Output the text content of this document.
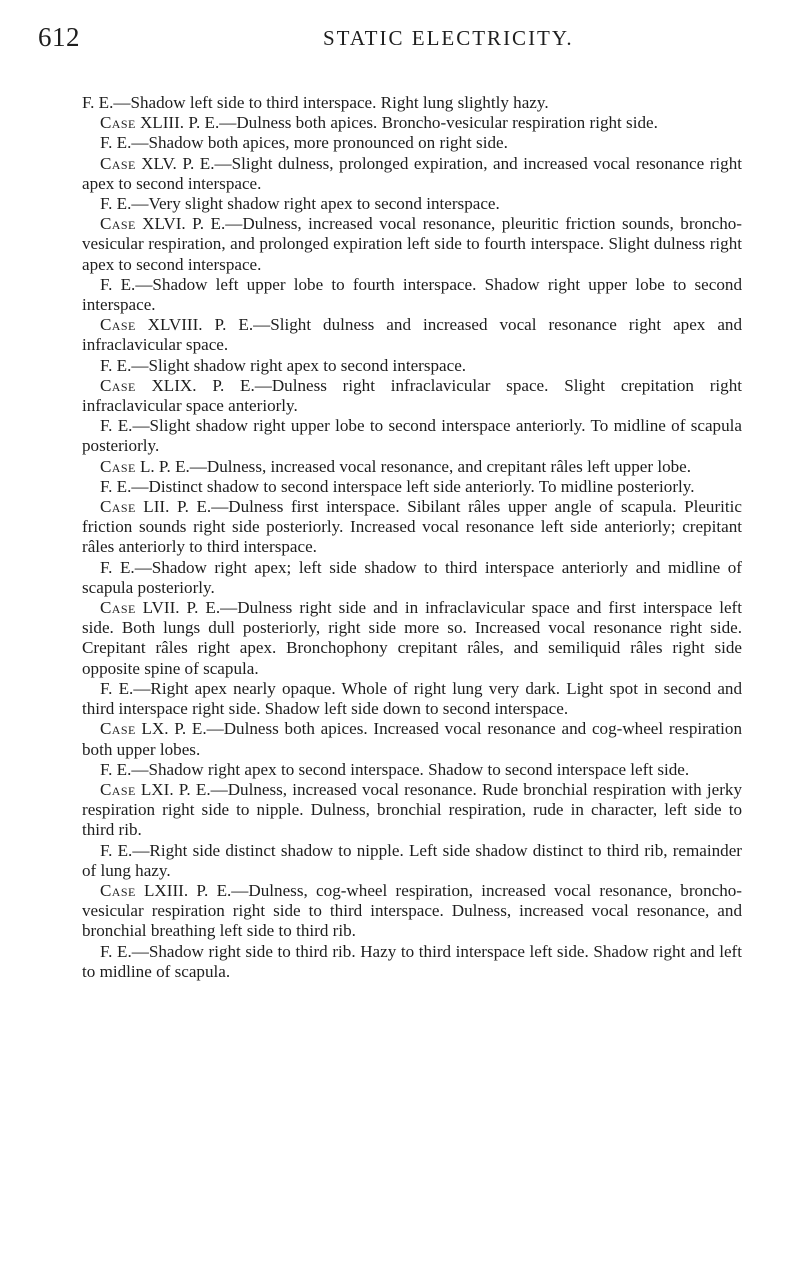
612	STATIC ELECTRICITY.

F. E.—Shadow left side to third interspace. Right lung slightly hazy.

Case XLIII. P. E.—Dulness both apices. Broncho-vesicular respiration right side.

F. E.—Shadow both apices, more pronounced on right side.

Case XLV. P. E.—Slight dulness, prolonged expiration, and increased vocal resonance right apex to second interspace.

F. E.—Very slight shadow right apex to second interspace.

Case XLVI. P. E.—Dulness, increased vocal resonance, pleuritic friction sounds, broncho-vesicular respiration, and prolonged expiration left side to fourth interspace. Slight dulness right apex to second interspace.

F. E.—Shadow left upper lobe to fourth interspace. Shadow right upper lobe to second interspace.

Case XLVIII. P. E.—Slight dulness and increased vocal resonance right apex and infraclavicular space.

F. E.—Slight shadow right apex to second interspace.

Case XLIX. P. E.—Dulness right infraclavicular space. Slight crepitation right infraclavicular space anteriorly.

F. E.—Slight shadow right upper lobe to second interspace anteriorly. To midline of scapula posteriorly.

Case L. P. E.—Dulness, increased vocal resonance, and crepitant râles left upper lobe.

F. E.—Distinct shadow to second interspace left side anteriorly. To midline posteriorly.

Case LII. P. E.—Dulness first interspace. Sibilant râles upper angle of scapula. Pleuritic friction sounds right side posteriorly. Increased vocal resonance left side anteriorly; crepitant râles anteriorly to third interspace.

F. E.—Shadow right apex; left side shadow to third interspace anteriorly and midline of scapula posteriorly.

Case LVII. P. E.—Dulness right side and in infraclavicular space and first interspace left side. Both lungs dull posteriorly, right side more so. Increased vocal resonance right side. Crepitant râles right apex. Bronchophony crepitant râles, and semiliquid râles right side opposite spine of scapula.

F. E.—Right apex nearly opaque. Whole of right lung very dark. Light spot in second and third interspace right side. Shadow left side down to second interspace.

Case LX. P. E.—Dulness both apices. Increased vocal resonance and cog-wheel respiration both upper lobes.

F. E.—Shadow right apex to second interspace. Shadow to second interspace left side.

Case LXI. P. E.—Dulness, increased vocal resonance. Rude bronchial respiration with jerky respiration right side to nipple. Dulness, bronchial respiration, rude in character, left side to third rib.

F. E.—Right side distinct shadow to nipple. Left side shadow distinct to third rib, remainder of lung hazy.

Case LXIII. P. E.—Dulness, cog-wheel respiration, increased vocal resonance, broncho-vesicular respiration right side to third interspace. Dulness, increased vocal resonance, and bronchial breathing left side to third rib.

F. E.—Shadow right side to third rib. Hazy to third interspace left side. Shadow right and left to midline of scapula.
